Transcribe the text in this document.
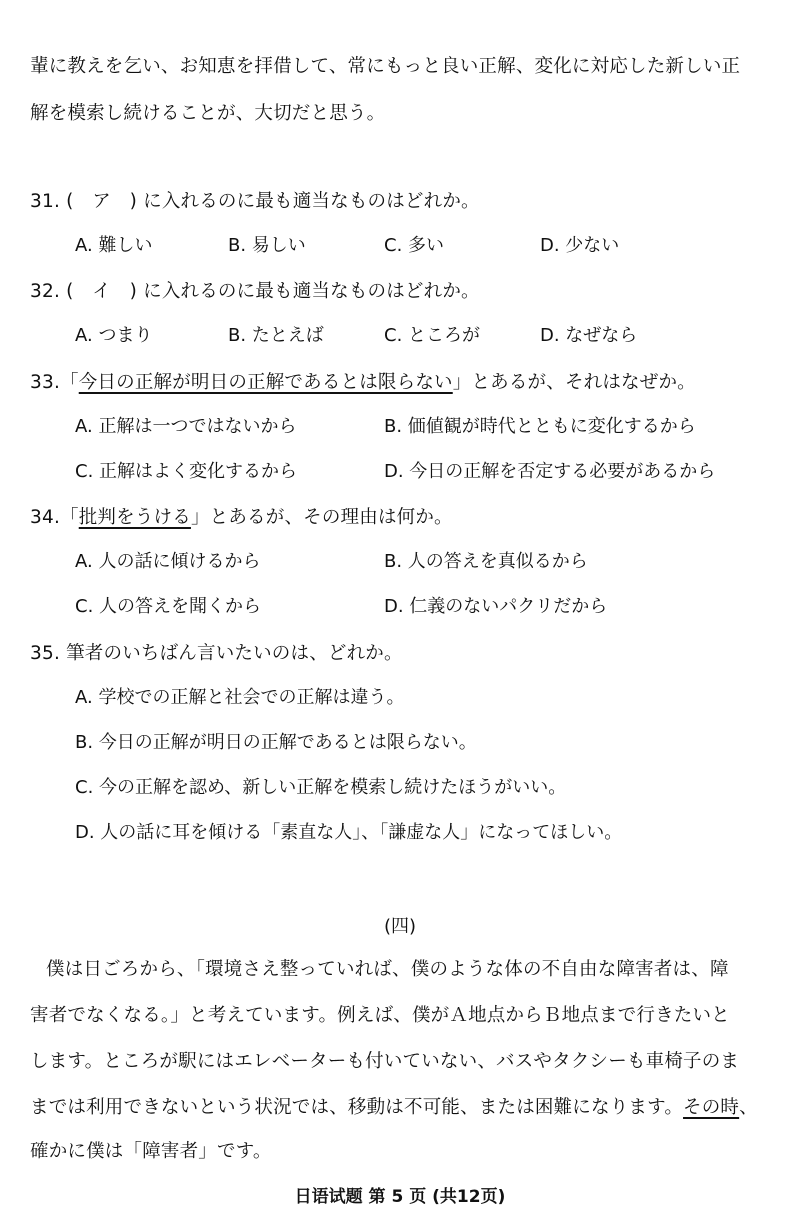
輩に教えを乞い、お知恵を拝借して、常にもっと良い正解、変化に対応した新しい正
解を模索し続けることが、大切だと思う。
31. (　ア　) に入れるのに最も適当なものはどれか。
A. 難しい	B. 易しい	C. 多い	D. 少ない
32. (　イ　) に入れるのに最も適当なものはどれか。
A. つまり	B. たとえば	C. ところが	D. なぜなら
33.「今日の正解が明日の正解であるとは限らない」とあるが、それはなぜか。
A. 正解は一つではないから	B. 価値観が時代とともに変化するから
C. 正解はよく変化するから	D. 今日の正解を否定する必要があるから
34.「批判をうける」とあるが、その理由は何か。
A. 人の話に傾けるから	B. 人の答えを真似るから
C. 人の答えを聞くから	D. 仁義のないパクリだから
35. 筆者のいちばん言いたいのは、どれか。
A. 学校での正解と社会での正解は違う。
B. 今日の正解が明日の正解であるとは限らない。
C. 今の正解を認め、新しい正解を模索し続けたほうがいい。
D. 人の話に耳を傾ける「素直な人」、「謙虚な人」になってほしい。
(四)
僕は日ごろから、「環境さえ整っていれば、僕のような体の不自由な障害者は、障
害者でなくなる。」と考えています。例えば、僕がＡ地点からＢ地点まで行きたいと
します。ところが駅にはエレベーターも付いていない、バスやタクシーも車椅子のま
までは利用できないという状況では、移動は不可能、または困難になります。その時、
確かに僕は「障害者」です。
日语试题 第 5 页 (共12页)
